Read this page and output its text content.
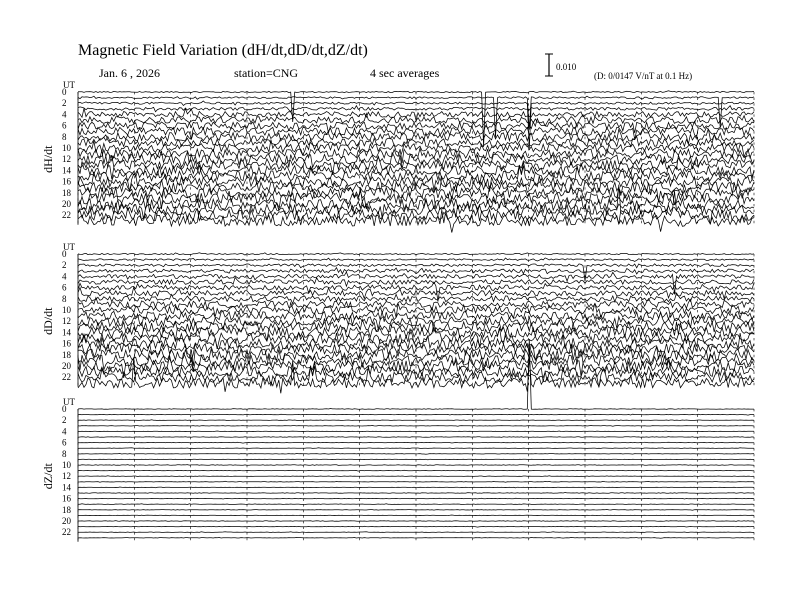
Magnetic Field Variation (dH/dt,dD/dt,dZ/dt)
Jan. 6 , 2026	station=CNG	4 sec averages	0.010
(D: 0/0147 V/nT at 0.1 Hz)
UT
dH/dt
0
2
4
6
8
10
12
14
16
18
20
22
UT
dD/dt
0
2
4
6
8
10
12
14
16
18
20
22
UT
dZ/dt
0
2
4
6
8
10
12
14
16
18
20
22
